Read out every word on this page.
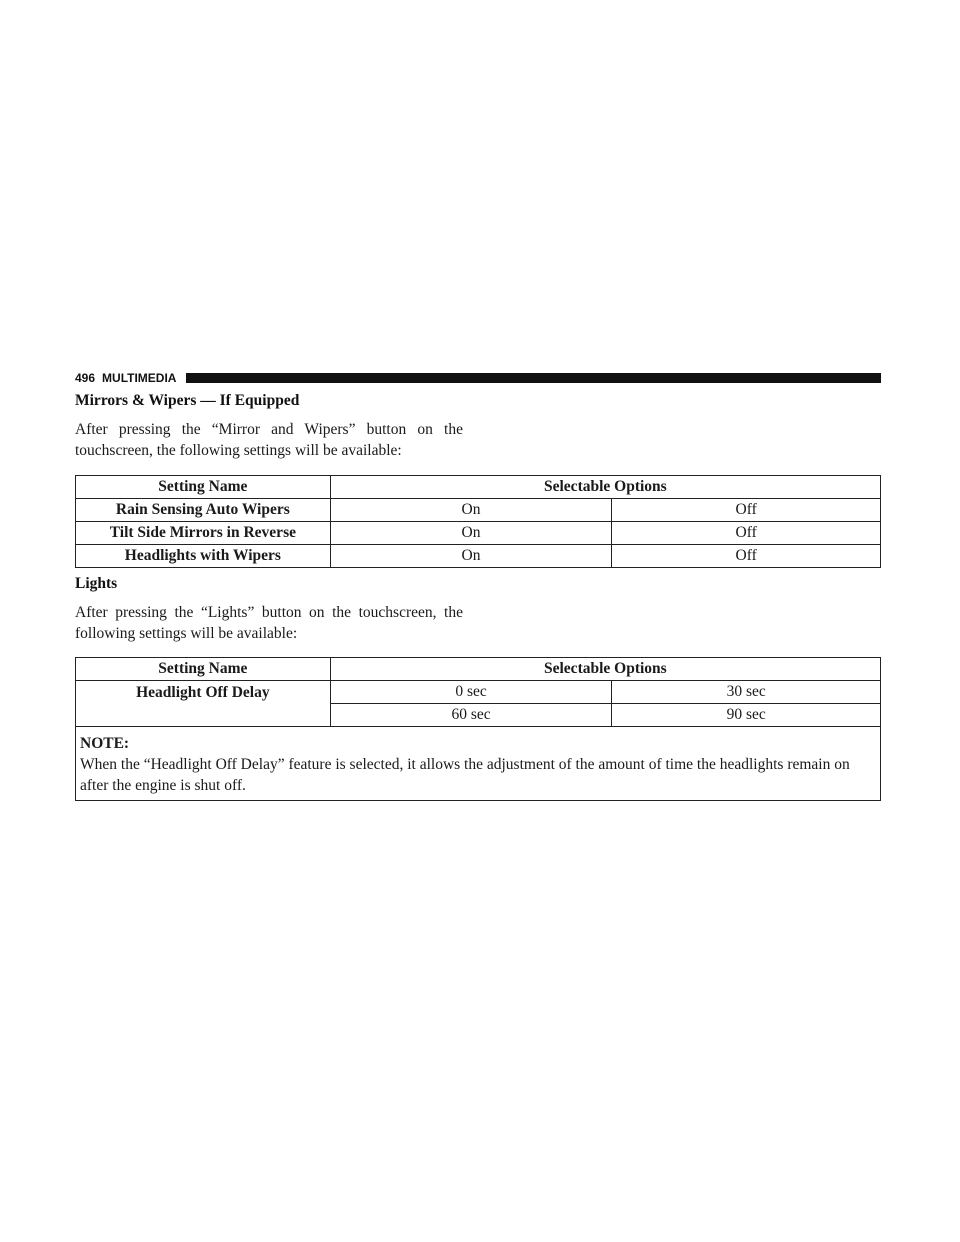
496 MULTIMEDIA
Mirrors & Wipers — If Equipped

After pressing the “Mirror and Wipers” button on the touchscreen, the following settings will be available:

Setting Name	Selectable Options	
Rain Sensing Auto Wipers	On	Off
Tilt Side Mirrors in Reverse	On	Off
Headlights with Wipers	On	Off
Lights

After pressing the “Lights” button on the touchscreen, the following settings will be available:

Setting Name	Selectable Options	
Headlight Off Delay	0 sec	30 sec
	60 sec	90 sec

NOTE:
When the “Headlight Off Delay” feature is selected, it allows the adjustment of the amount of time the headlights remain on after the engine is shut off.		
